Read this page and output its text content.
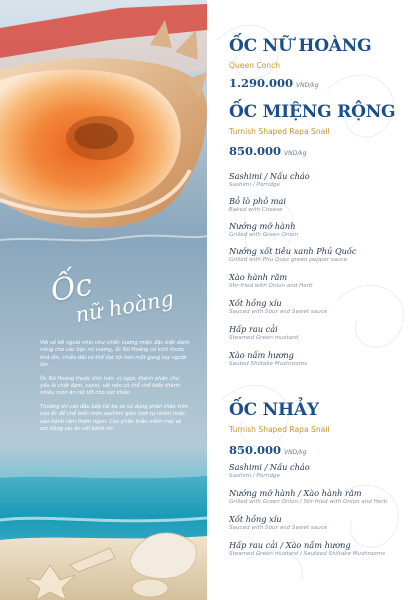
Ốc
nữ hoàng

Với vẻ bề ngoài nhìn như chiếc vương miện đặc biệt dành riêng cho các bậc nữ vương, ốc Nữ Hoàng có kích thước khá lớn, chiều dài có thể đạt tới hơn một gang tay người lớn.

Ốc Nữ Hoàng thuộc tính hàn, vị ngọt, thành phần chủ yếu là chất đạm, canxi, sắt nên có thể chế biến thành nhiều món ăn rất tốt cho sức khỏe.

Thường thì các đầu bếp tài ba sẽ sử dụng phần thân trên của ốc để chế biến món sashimi giòn tươi tự nhiên hoặc xào hành răm thơm ngon. Còn phần thân mềm mại sẽ om hồng xíu ăn với bánh mì.

ỐC NỮ HOÀNG
Queen Conch
1.290.000 VND/kg
ỐC MIỆNG RỘNG
Turnish Shaped Rapa Snail
850.000 VND/kg
Sashimi / Nấu cháo
Sashimi / Porridge
Bỏ lò phô mai
Baked with Cheese
Nướng mỡ hành
Grilled with Green Onion
Nướng xốt tiêu xanh Phú Quốc
Grilled with Phu Quoc green pepper sauce
Xào hành răm
Stir-fried with Onion and Herb
Xốt hồng xíu
Sauced with Sour and Sweet sauce
Hấp rau cải
Steamed Green mustard
Xào nấm hương
Sauted Shiitake Mushrooms
ỐC NHẢY
Turnish Shaped Rapa Snail
850.000 VND/kg
Sashimi / Nấu cháo
Sashimi / Porridge
Nướng mỡ hành / Xào hành răm
Grilled with Green Onion / Stir-fried with Onion and Herb
Xốt hồng xíu
Sauced with Sour and Sweet sauce
Hấp rau cải / Xào nấm hương
Steamed Green mustard / Sauteed Shiitake Mushrooms
